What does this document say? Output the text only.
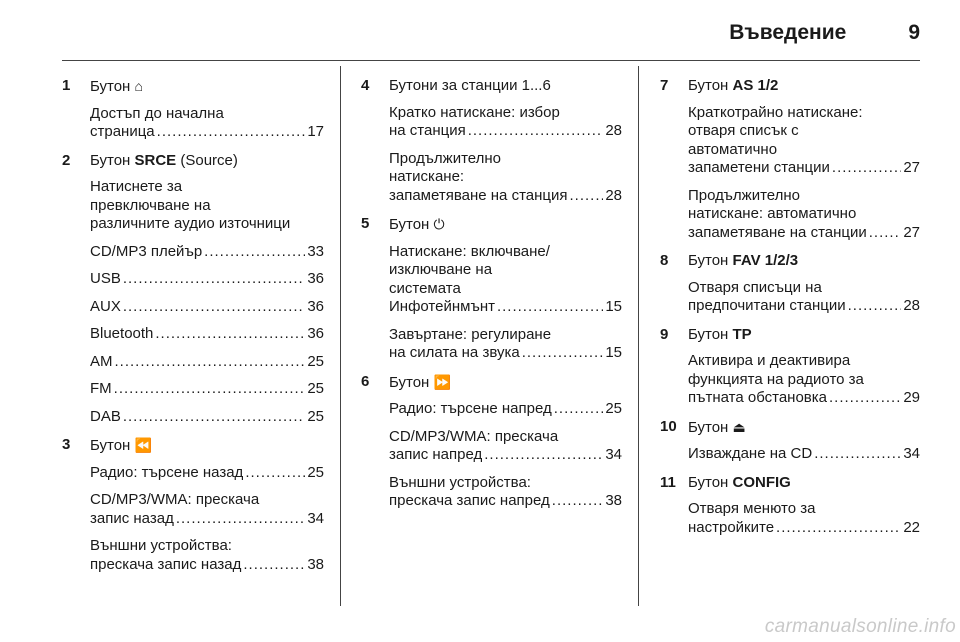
Въведение	9
1 Бутон ⌂
Достъп до начална
страница .....	17
2 Бутон SRCE (Source)
Натиснете за
превключване на
различните аудио източници
CD/MP3 плейър .....	33
USB .....	36
AUX .....	36
Bluetooth .....	36
AM .....	25
FM .....	25
DAB .....	25
3 Бутон ⏪
Радио: търсене назад .....	25
CD/MP3/WMA: прескача
запис назад .....	34
Външни устройства:
прескача запис назад .....	38
4 Бутони за станции 1...6
Кратко натискане: избор
на станция .....	28
Продължително
натискане:
запаметяване на станция .....	28
5 Бутон ⏻
Натискане: включване/
изключване на
системата
Инфотейнмънт .....	15
Завъртане: регулиране
на силата на звука .....	15
6 Бутон ⏩
Радио: търсене напред .....	25
CD/MP3/WMA: прескача
запис напред .....	34
Външни устройства:
прескача запис напред .....	38
7 Бутон AS 1/2
Краткотрайно натискане:
отваря списък с
автоматично
запаметени станции .....	27
Продължително
натискане: автоматично
запаметяване на станции ..... 27
8 Бутон FAV 1/2/3
Отваря списъци на
предпочитани станции .....	28
9 Бутон TP
Активира и деактивира
функцията на радиото за
пътната обстановка .....	29
10 Бутон ⏏
Изваждане на CD .....	34
11 Бутон CONFIG
Отваря менюто за
настройките .....	22
carmanualsonline.info
